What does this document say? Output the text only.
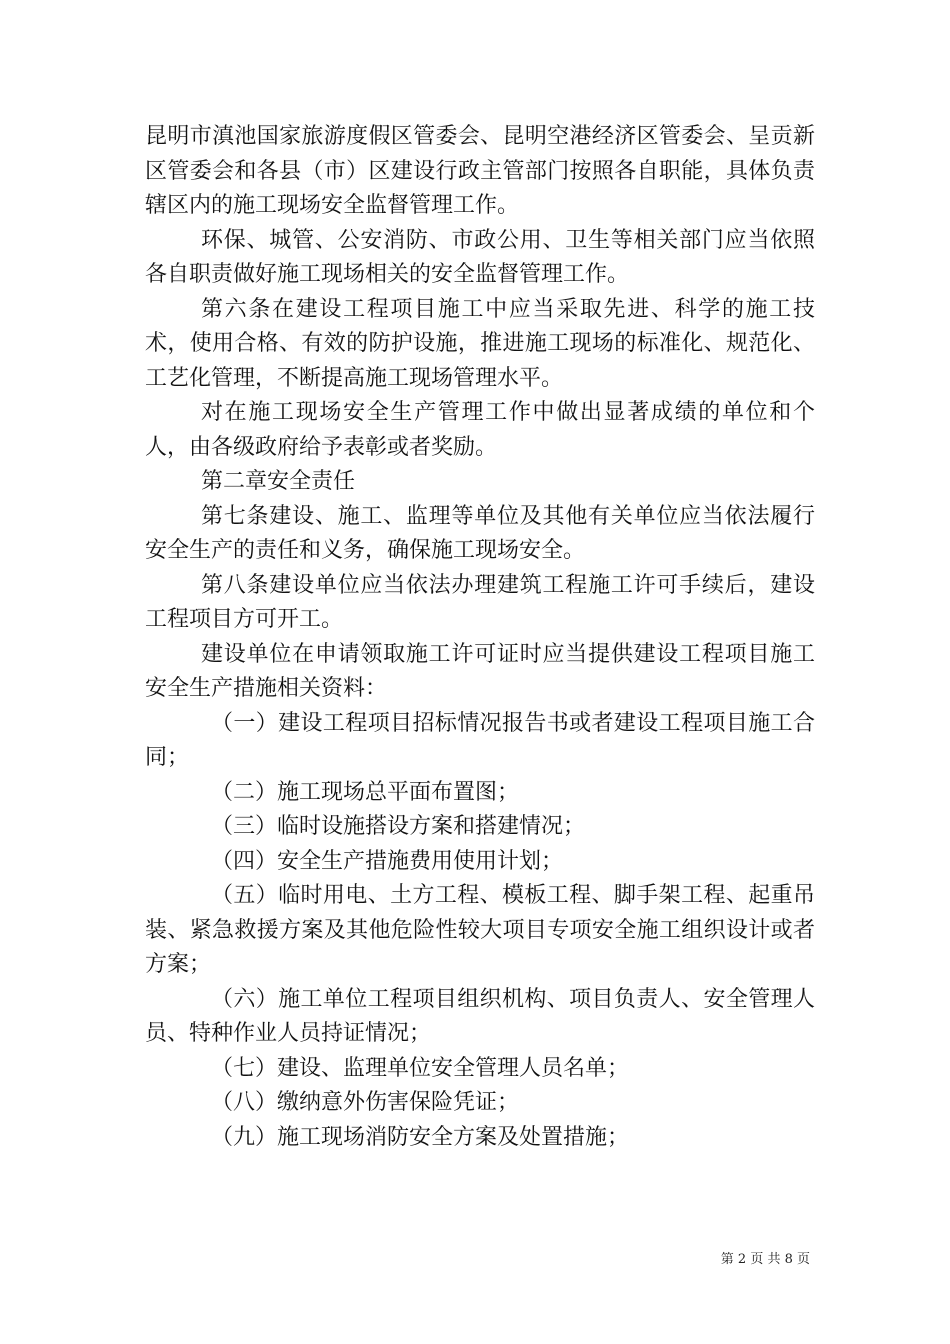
昆明市滇池国家旅游度假区管委会、昆明空港经济区管委会、呈贡新区管委会和各县（市）区建设行政主管部门按照各自职能，具体负责辖区内的施工现场安全监督管理工作。

环保、城管、公安消防、市政公用、卫生等相关部门应当依照各自职责做好施工现场相关的安全监督管理工作。

第六条在建设工程项目施工中应当采取先进、科学的施工技术，使用合格、有效的防护设施，推进施工现场的标准化、规范化、工艺化管理，不断提高施工现场管理水平。

对在施工现场安全生产管理工作中做出显著成绩的单位和个人，由各级政府给予表彰或者奖励。

第二章安全责任

第七条建设、施工、监理等单位及其他有关单位应当依法履行安全生产的责任和义务，确保施工现场安全。

第八条建设单位应当依法办理建筑工程施工许可手续后，建设工程项目方可开工。

建设单位在申请领取施工许可证时应当提供建设工程项目施工安全生产措施相关资料：

（一）建设工程项目招标情况报告书或者建设工程项目施工合同；

（二）施工现场总平面布置图；

（三）临时设施搭设方案和搭建情况；

（四）安全生产措施费用使用计划；

（五）临时用电、土方工程、模板工程、脚手架工程、起重吊装、紧急救援方案及其他危险性较大项目专项安全施工组织设计或者方案；

（六）施工单位工程项目组织机构、项目负责人、安全管理人员、特种作业人员持证情况；

（七）建设、监理单位安全管理人员名单；

（八）缴纳意外伤害保险凭证；

（九）施工现场消防安全方案及处置措施；

第 2 页 共 8 页
